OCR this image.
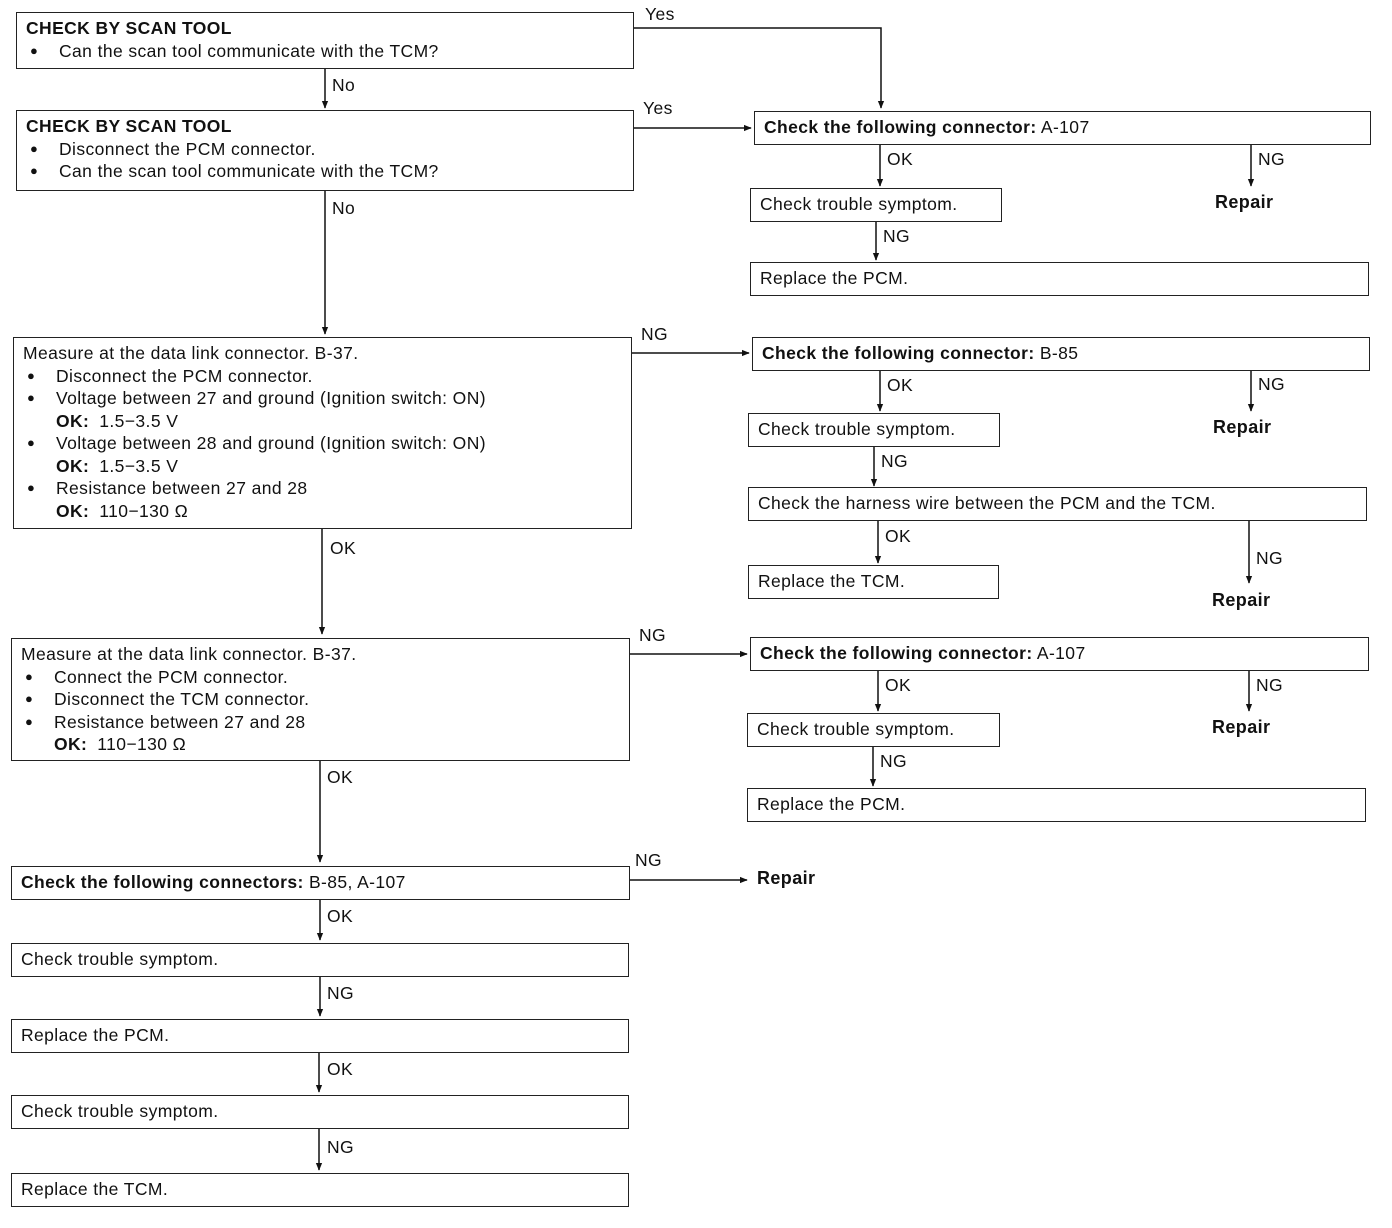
CHECK BY SCAN TOOL
● Can the scan tool communicate with the TCM?
CHECK BY SCAN TOOL
● Disconnect the PCM connector.
● Can the scan tool communicate with the TCM?
Measure at the data link connector. B-37.
● Disconnect the PCM connector.
● Voltage between 27 and ground (Ignition switch: ON)
OK: 1.5−3.5 V
● Voltage between 28 and ground (Ignition switch: ON)
OK: 1.5−3.5 V
● Resistance between 27 and 28
OK: 110−130 Ω
Measure at the data link connector. B-37.
● Connect the PCM connector.
● Disconnect the TCM connector.
● Resistance between 27 and 28
OK: 110−130 Ω
Check the following connectors: B-85, A-107
Check trouble symptom.
Replace the PCM.
Check trouble symptom.
Replace the TCM.
Check the following connector: A-107
Check trouble symptom.
Replace the PCM.
Check the following connector: B-85
Check trouble symptom.
Check the harness wire between the PCM and the TCM.
Replace the TCM.
Check the following connector: A-107
Check trouble symptom.
Replace the PCM.
Yes
No
Yes
No
NG
OK
NG
OK
NG
OK
NG
OK
NG
OK	NG
NG
OK	NG
NG
OK
NG
OK	NG
NG
Repair
Repair
Repair
Repair
Repair
